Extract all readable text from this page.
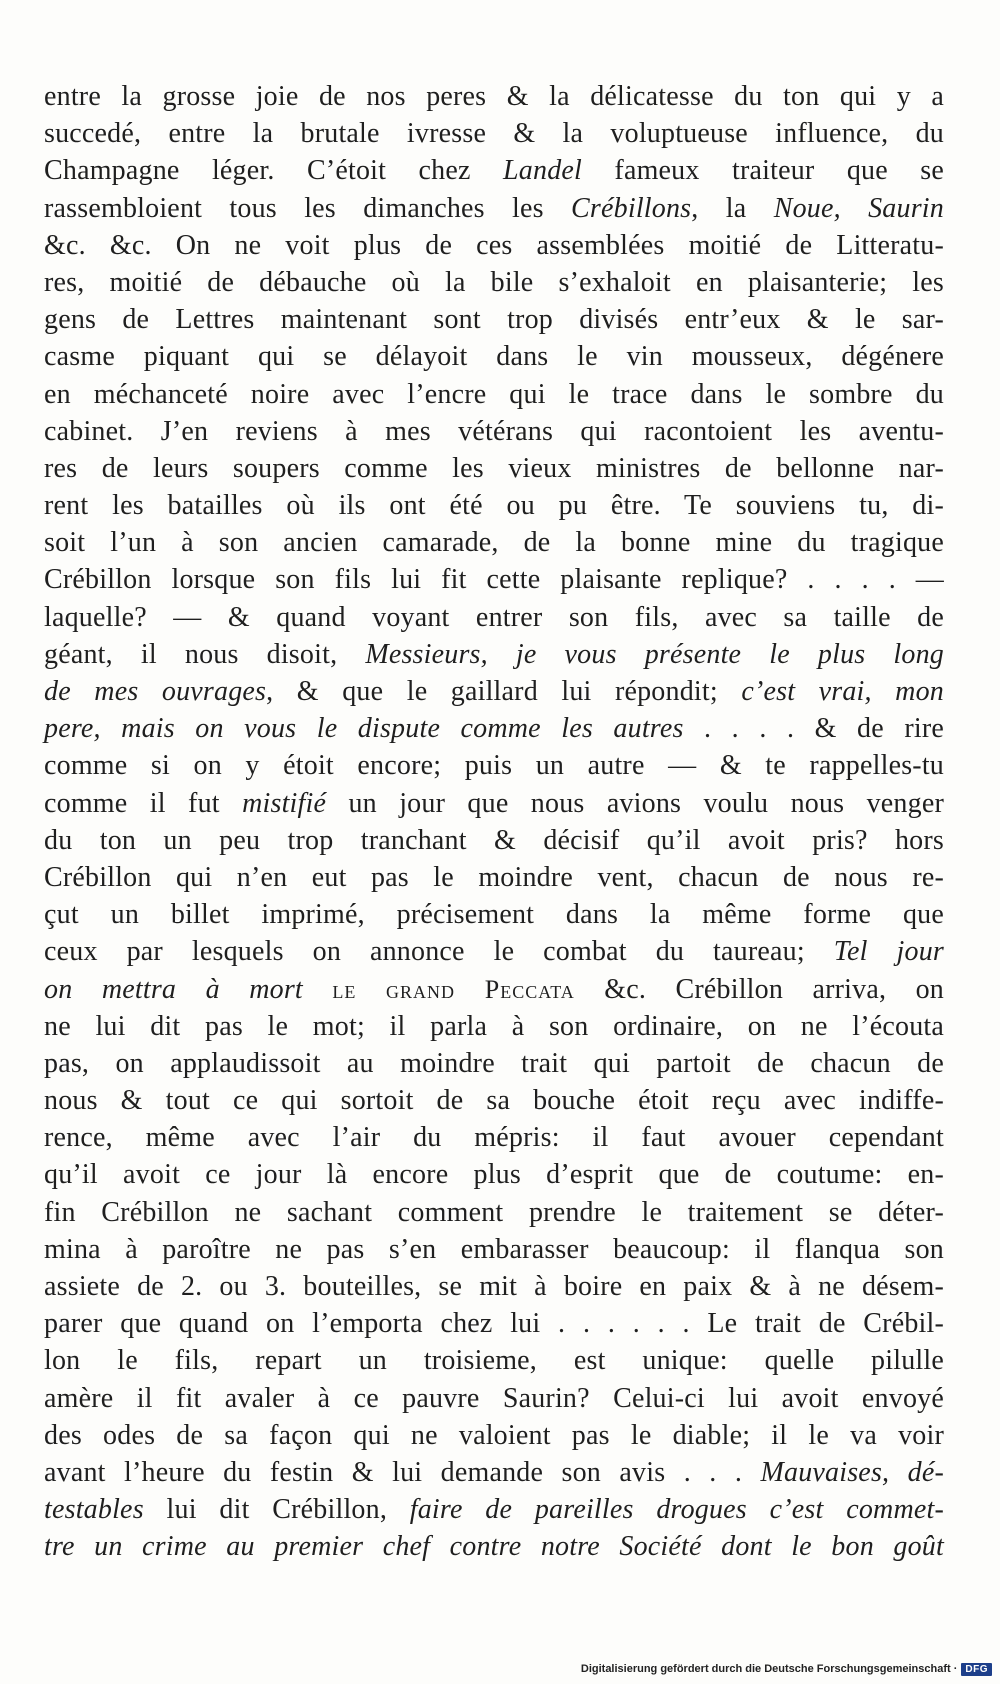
entre la grosse joie de nos peres & la délicatesse du ton qui y a
succedé, entre la brutale ivresse & la voluptueuse influence, du
Champagne léger. C’étoit chez Landel fameux traiteur que se
rassembloient tous les dimanches les Crébillons, la Noue, Saurin
&c. &c. On ne voit plus de ces assemblées moitié de Litteratu-
res, moitié de débauche où la bile s’exhaloit en plaisanterie; les
gens de Lettres maintenant sont trop divisés entr’eux & le sar-
casme piquant qui se délayoit dans le vin mousseux, dégénere
en méchanceté noire avec l’encre qui le trace dans le sombre du
cabinet. J’en reviens à mes vétérans qui racontoient les aventu-
res de leurs soupers comme les vieux ministres de bellonne nar-
rent les batailles où ils ont été ou pu être. Te souviens tu, di-
soit l’un à son ancien camarade, de la bonne mine du tragique
Crébillon lorsque son fils lui fit cette plaisante replique? . . . . —
laquelle? — & quand voyant entrer son fils, avec sa taille de
géant, il nous disoit, Messieurs, je vous présente le plus long
de mes ouvrages, & que le gaillard lui répondit; c’est vrai, mon
pere, mais on vous le dispute comme les autres . . . . & de rire
comme si on y étoit encore; puis un autre — & te rappelles-tu
comme il fut mistifié un jour que nous avions voulu nous venger
du ton un peu trop tranchant & décisif qu’il avoit pris? hors
Crébillon qui n’en eut pas le moindre vent, chacun de nous re-
çut un billet imprimé, précisement dans la même forme que
ceux par lesquels on annonce le combat du taureau; Tel jour
on mettra à mort le grand Peccata &c. Crébillon arriva, on
ne lui dit pas le mot; il parla à son ordinaire, on ne l’écouta
pas, on applaudissoit au moindre trait qui partoit de chacun de
nous & tout ce qui sortoit de sa bouche étoit reçu avec indiffe-
rence, même avec l’air du mépris: il faut avouer cependant
qu’il avoit ce jour là encore plus d’esprit que de coutume: en-
fin Crébillon ne sachant comment prendre le traitement se déter-
mina à paroître ne pas s’en embarasser beaucoup: il flanqua son
assiete de 2. ou 3. bouteilles, se mit à boire en paix & à ne désem-
parer que quand on l’emporta chez lui . . . . . . Le trait de Crébil-
lon le fils, repart un troisieme, est unique: quelle pilulle
amère il fit avaler à ce pauvre Saurin? Celui-ci lui avoit envoyé
des odes de sa façon qui ne valoient pas le diable; il le va voir
avant l’heure du festin & lui demande son avis . . . Mauvaises, dé-
testables lui dit Crébillon, faire de pareilles drogues c’est commet-
tre un crime au premier chef contre notre Société dont le bon goût
Digitalisierung gefördert durch die Deutsche Forschungsgemeinschaft · DFG
